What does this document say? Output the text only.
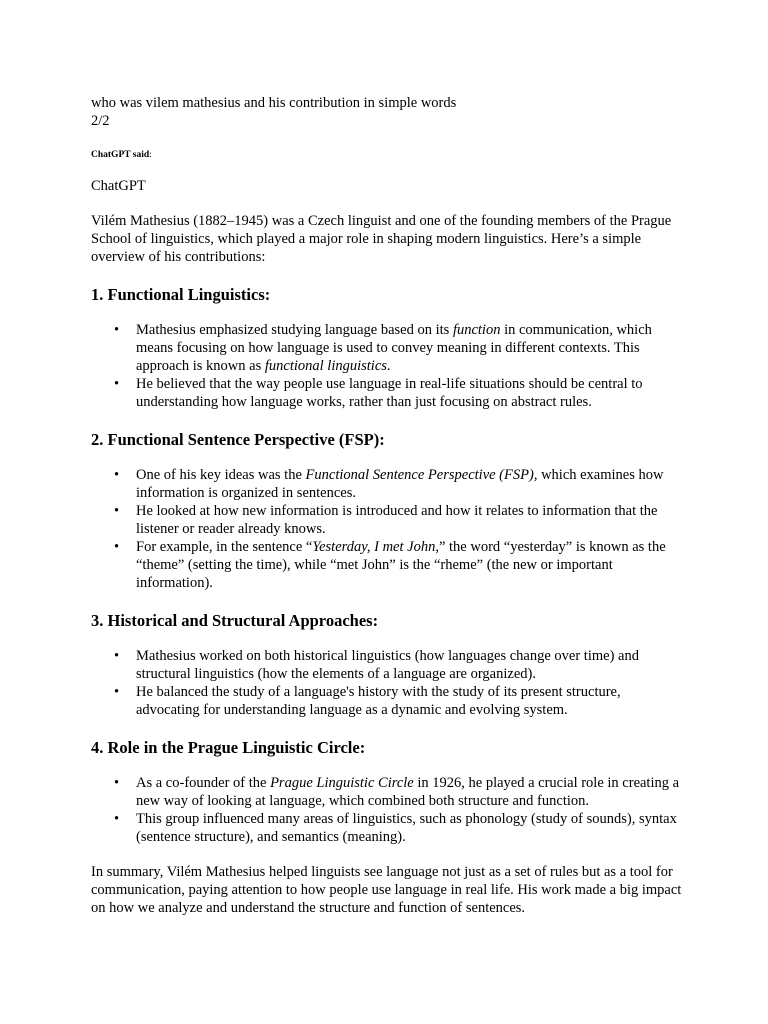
who was vilem mathesius and his contribution in simple words

2/2

ChatGPT said:

ChatGPT

Vilém Mathesius (1882–1945) was a Czech linguist and one of the founding members of the Prague School of linguistics, which played a major role in shaping modern linguistics. Here’s a simple overview of his contributions:

1. Functional Linguistics:
• Mathesius emphasized studying language based on its function in communication, which means focusing on how language is used to convey meaning in different contexts. This approach is known as functional linguistics.
• He believed that the way people use language in real-life situations should be central to understanding how language works, rather than just focusing on abstract rules.
2. Functional Sentence Perspective (FSP):
• One of his key ideas was the Functional Sentence Perspective (FSP), which examines how information is organized in sentences.
• He looked at how new information is introduced and how it relates to information that the listener or reader already knows.
• For example, in the sentence “Yesterday, I met John,” the word “yesterday” is known as the “theme” (setting the time), while “met John” is the “rheme” (the new or important information).
3. Historical and Structural Approaches:
• Mathesius worked on both historical linguistics (how languages change over time) and structural linguistics (how the elements of a language are organized).
• He balanced the study of a language's history with the study of its present structure, advocating for understanding language as a dynamic and evolving system.
4. Role in the Prague Linguistic Circle:
• As a co-founder of the Prague Linguistic Circle in 1926, he played a crucial role in creating a new way of looking at language, which combined both structure and function.
• This group influenced many areas of linguistics, such as phonology (study of sounds), syntax (sentence structure), and semantics (meaning).

In summary, Vilém Mathesius helped linguists see language not just as a set of rules but as a tool for communication, paying attention to how people use language in real life. His work made a big impact on how we analyze and understand the structure and function of sentences.
